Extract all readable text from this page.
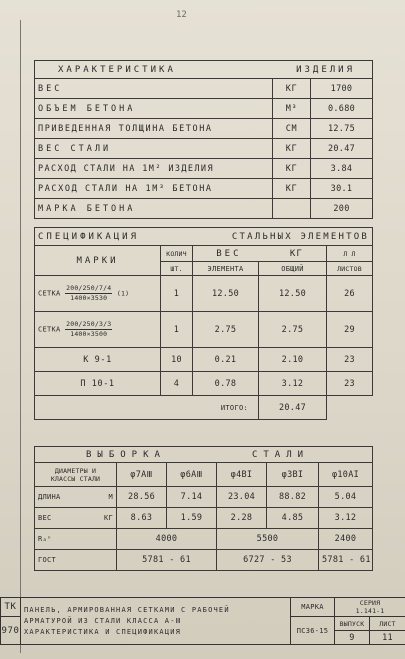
12
ХАРАКТЕРИСТИКА ИЗДЕЛИЯ		

ВЕС	КГ	1700
ОБЪЕМ БЕТОНА	М³	0.680
ПРИВЕДЕННАЯ ТОЛЩИНА БЕТОНА	СМ	12.75
ВЕС СТАЛИ	КГ	20.47
РАСХОД СТАЛИ НА 1М² ИЗДЕЛИЯ	КГ	3.84
РАСХОД СТАЛИ НА 1М³ БЕТОНА	КГ	30.1
МАРКА БЕТОНА		200
СПЕЦИФИКАЦИЯ СТАЛЬНЫХ ЭЛЕМЕНТОВ				

МАРКИ	КОЛИЧ	ВЕС КГ		Л Л
	ШТ.	ЭЛЕМЕНТА	ОБЩИЙ	ЛИСТОВ
СЕТКА $\frac{200/250/7/4}{1400\times 3530} (1)$	1	12.50	12.50	26
СЕТКА $\frac{200/250/3/3}{1400\times 3500}$	1	2.75	2.75	29
К 9-1	10	0.21	2.10	23
П 10-1	4	0.78	3.12	23
ИТОГО:			20.47	
ВЫБОРКА СТАЛИ					

ДИАМЕТРЫ И
КЛАССЫ СТАЛИ	φ7АⅢ	φ6АⅢ	φ4ВI	φ3ВI	φ10АI
ДЛИНА М	28.56	7.14	23.04	88.82	5.04
ВЕС КГ	8.63	1.59	2.28	4.85	3.12
Rₐⁿ	4000		5500		2400
ГОСТ	5781 - 61		6727 - 53		5781 - 61
ТК	ПАНЕЛЬ, АРМИРОВАННАЯ СЕТКАМИ С РАБОЧЕЙ
АРМАТУРОЙ ИЗ СТАЛИ КЛАССА А-Ⅲ
ХАРАКТЕРИСТИКА И СПЕЦИФИКАЦИЯ	МАРКА	СЕРИЯ
1.141-1	
970		ПС36-15	ВЫПУСК	ЛИСТ
			9	11
